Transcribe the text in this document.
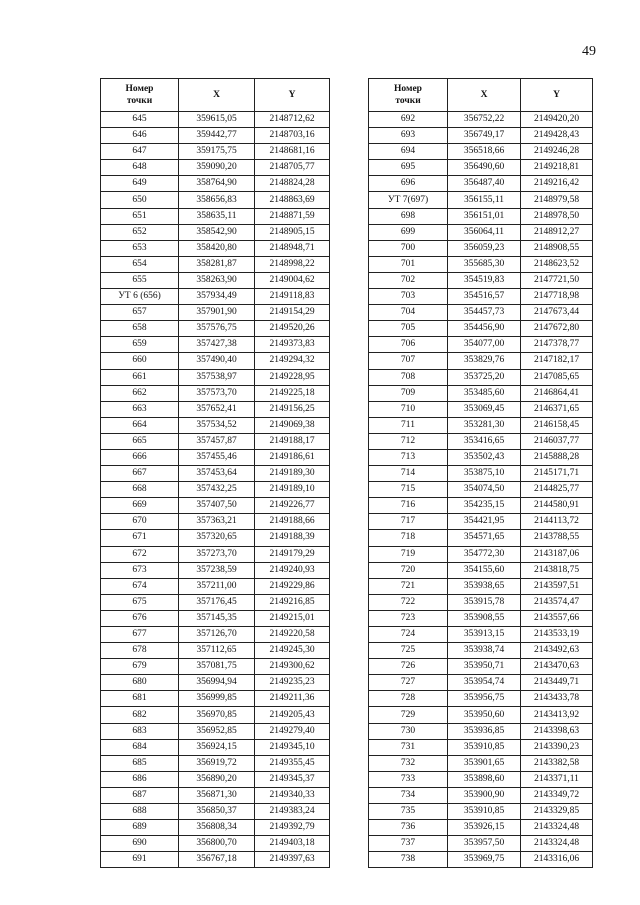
49
Номер
точки	X	Y
645	359615,05	2148712,62
646	359442,77	2148703,16
647	359175,75	2148681,16
648	359090,20	2148705,77
649	358764,90	2148824,28
650	358656,83	2148863,69
651	358635,11	2148871,59
652	358542,90	2148905,15
653	358420,80	2148948,71
654	358281,87	2148998,22
655	358263,90	2149004,62
УТ 6 (656)	357934,49	2149118,83
657	357901,90	2149154,29
658	357576,75	2149520,26
659	357427,38	2149373,83
660	357490,40	2149294,32
661	357538,97	2149228,95
662	357573,70	2149225,18
663	357652,41	2149156,25
664	357534,52	2149069,38
665	357457,87	2149188,17
666	357455,46	2149186,61
667	357453,64	2149189,30
668	357432,25	2149189,10
669	357407,50	2149226,77
670	357363,21	2149188,66
671	357320,65	2149188,39
672	357273,70	2149179,29
673	357238,59	2149240,93
674	357211,00	2149229,86
675	357176,45	2149216,85
676	357145,35	2149215,01
677	357126,70	2149220,58
678	357112,65	2149245,30
679	357081,75	2149300,62
680	356994,94	2149235,23
681	356999,85	2149211,36
682	356970,85	2149205,43
683	356952,85	2149279,40
684	356924,15	2149345,10
685	356919,72	2149355,45
686	356890,20	2149345,37
687	356871,30	2149340,33
688	356850,37	2149383,24
689	356808,34	2149392,79
690	356800,70	2149403,18
691	356767,18	2149397,63
Номер
точки	X	Y
692	356752,22	2149420,20
693	356749,17	2149428,43
694	356518,66	2149246,28
695	356490,60	2149218,81
696	356487,40	2149216,42
УТ 7(697)	356155,11	2148979,58
698	356151,01	2148978,50
699	356064,11	2148912,27
700	356059,23	2148908,55
701	355685,30	2148623,52
702	354519,83	2147721,50
703	354516,57	2147718,98
704	354457,73	2147673,44
705	354456,90	2147672,80
706	354077,00	2147378,77
707	353829,76	2147182,17
708	353725,20	2147085,65
709	353485,60	2146864,41
710	353069,45	2146371,65
711	353281,30	2146158,45
712	353416,65	2146037,77
713	353502,43	2145888,28
714	353875,10	2145171,71
715	354074,50	2144825,77
716	354235,15	2144580,91
717	354421,95	2144113,72
718	354571,65	2143788,55
719	354772,30	2143187,06
720	354155,60	2143818,75
721	353938,65	2143597,51
722	353915,78	2143574,47
723	353908,55	2143557,66
724	353913,15	2143533,19
725	353938,74	2143492,63
726	353950,71	2143470,63
727	353954,74	2143449,71
728	353956,75	2143433,78
729	353950,60	2143413,92
730	353936,85	2143398,63
731	353910,85	2143390,23
732	353901,65	2143382,58
733	353898,60	2143371,11
734	353900,90	2143349,72
735	353910,85	2143329,85
736	353926,15	2143324,48
737	353957,50	2143324,48
738	353969,75	2143316,06
